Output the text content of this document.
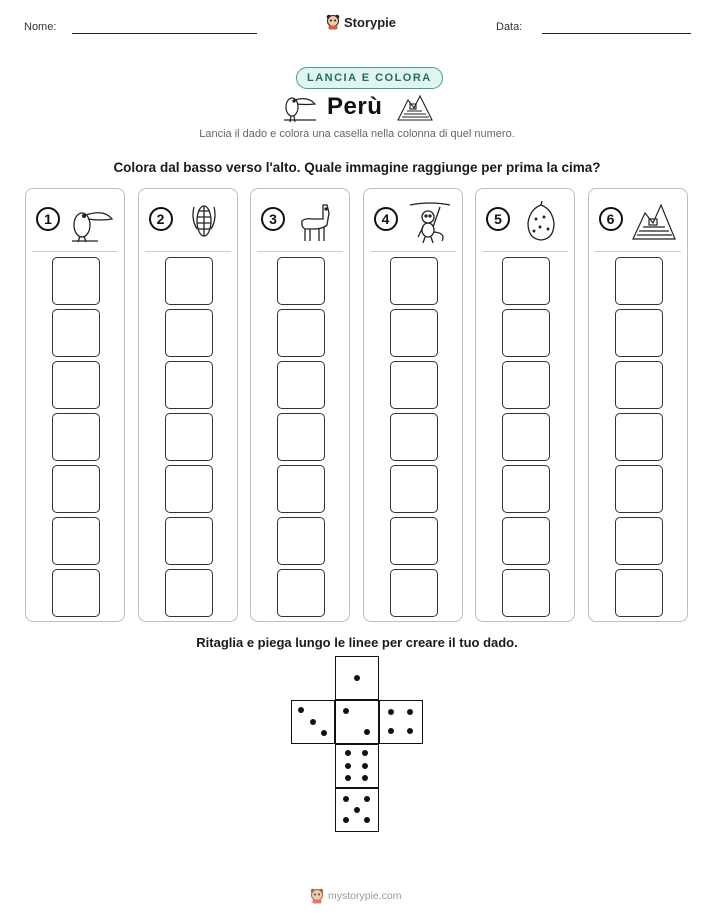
Nome:	Storypie	Data:
LANCIA E COLORA
Perù
Lancia il dado e colora una casella nella colonna di quel numero.
Colora dal basso verso l'alto. Quale immagine raggiunge per prima la cima?
1	2	3	4	5	6
Ritaglia e piega lungo le linee per creare il tuo dado.
mystorypie.com
